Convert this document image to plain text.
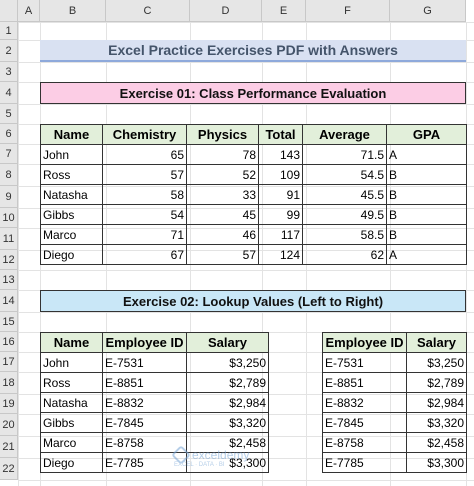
A	B	C	D	E	F	G
1
2
3
4
5
6
7
8
9
10
11
12
13
14
15
16
17
18
19
20
21
22
Excel Practice Exercises PDF with Answers
Exercise 01: Class Performance Evaluation
Name	Chemistry	Physics	Total	Average	GPA
John	65	78	143	71.5	A
Ross	57	52	109	54.5	B
Natasha	58	33	91	45.5	B
Gibbs	54	45	99	49.5	B
Marco	71	46	117	58.5	B
Diego	67	57	124	62	A
Exercise 02: Lookup Values (Left to Right)
Name	Employee ID	Salary
John	E-7531	$3,250
Ross	E-8851	$2,789
Natasha	E-8832	$2,984
Gibbs	E-7845	$3,320
Marco	E-8758	$2,458
Diego	E-7785	$3,300
Employee ID	Salary
E-7531	$3,250
E-8851	$2,789
E-8832	$2,984
E-7845	$3,320
E-8758	$2,458
E-7785	$3,300
exceldemy
EXCEL · DATA · BI
